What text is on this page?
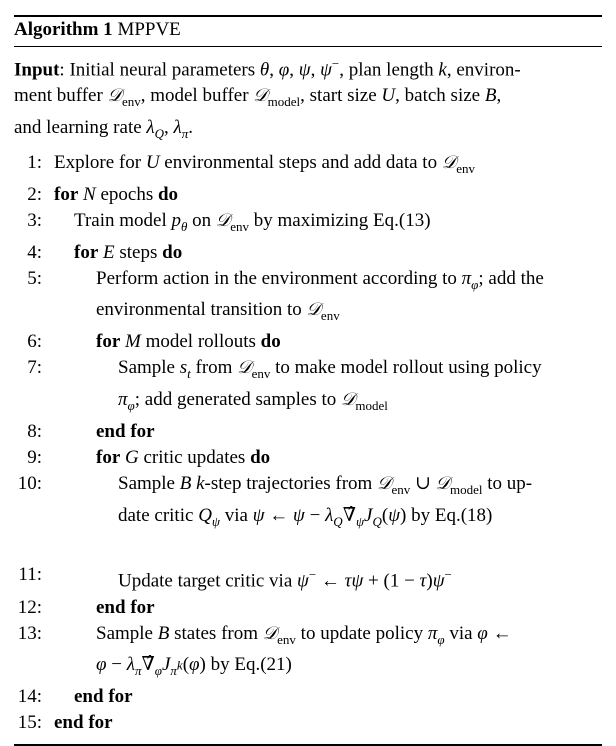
Algorithm 1 MPPVE
Input: Initial neural parameters θ, φ, ψ, ψ−, plan length k, environ-
ment buffer 𝒟$_{env}$, model buffer 𝒟$_{model}$, start size U, batch size B,
and learning rate $\lambda_Q$, $\lambda_\pi$.
1: Explore for U environmental steps and add data to 𝒟$_{env}$
2: for N epochs do
3: Train model $p_\theta$ on 𝒟$_{env}$ by maximizing Eq.(13)
4: for E steps do
5:	Perform action in the environment according to $\pi_\varphi$; add the
environmental transition to 𝒟$_{env}$
6:	for M model rollouts do
7:	Sample $s_t$ from 𝒟$_{env}$ to make model rollout using policy
$\pi_\varphi$; add generated samples to 𝒟$_{model}$
8:	end for
9:	for G critic updates do
10:	Sample B k-step trajectories from 𝒟$_{env}$ ∪ 𝒟$_{model}$ to up-
date critic $Q_\psi$ via ψ ← $\psi - \lambda_Q\nablâ_\psi J_Q(\psi)$ by Eq.(18)
11:	Update target critic via ψ− ← τψ + (1 − τ)ψ−
12:	end for
13:	Sample B states from 𝒟$_{env}$ to update policy $\pi_\varphi$ via φ ←
$\varphi - \lambda_\pi\nablâ_\varphi J_{\pi^k}(\varphi)$ by Eq.(21)
14: end for
15: end for
